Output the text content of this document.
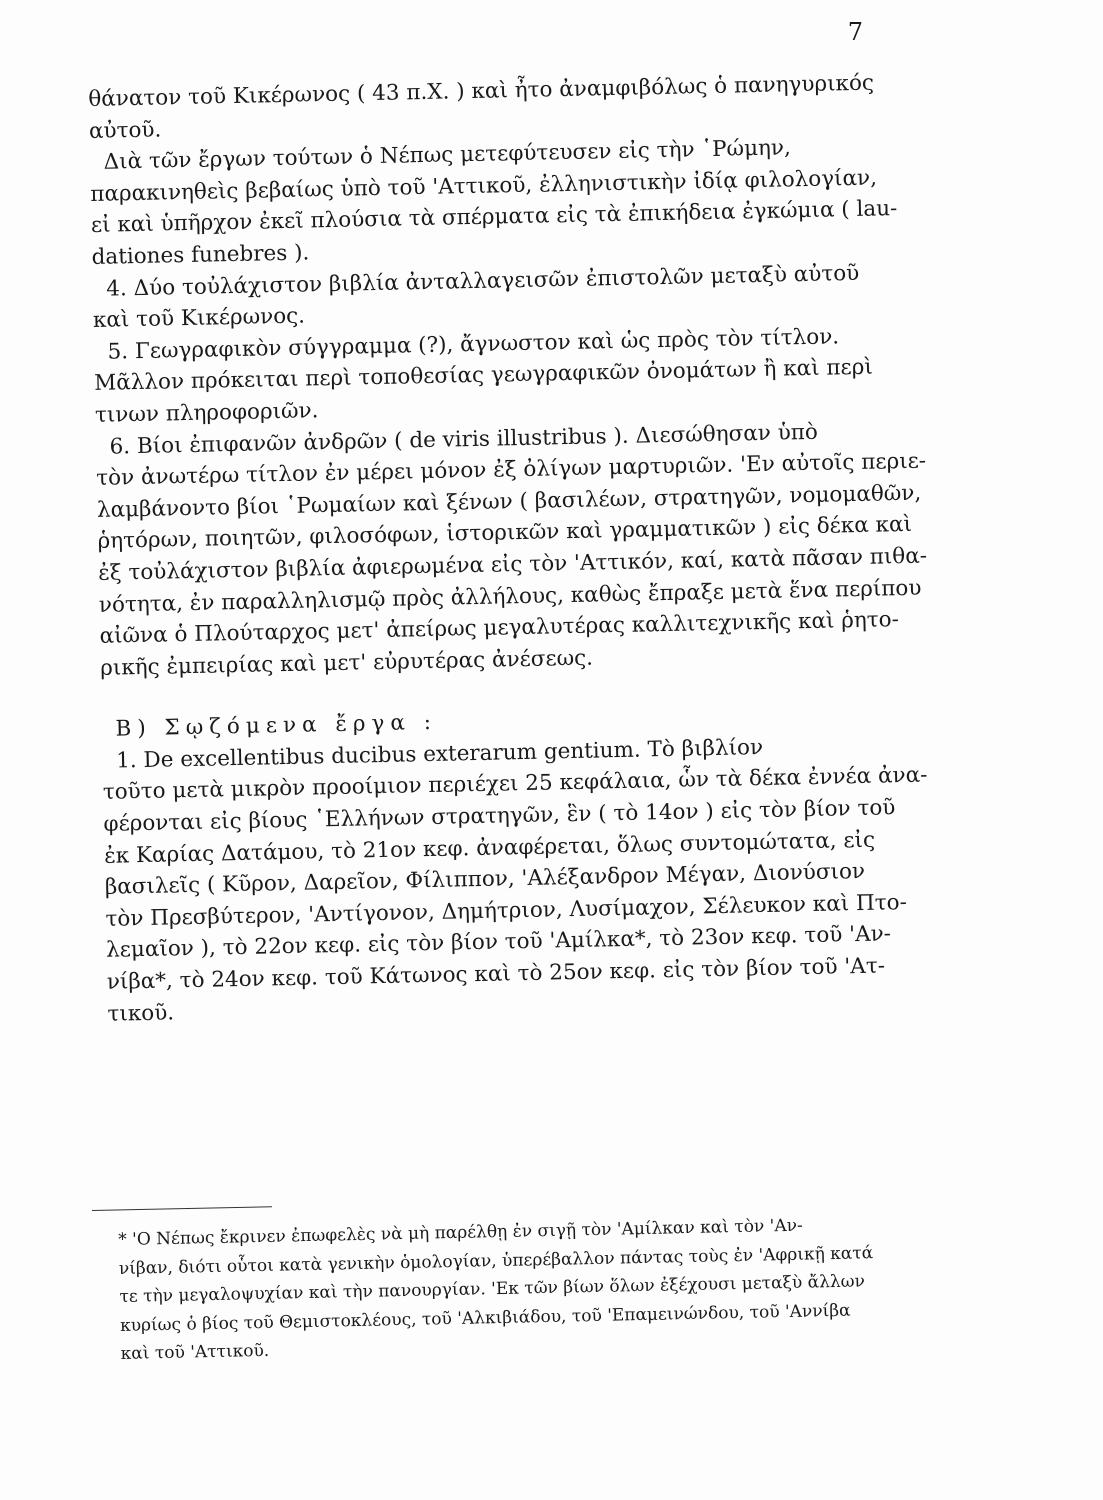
7
θάνατον τοῦ Κικέρωνος ( 43 π.Χ. ) καὶ ἦτο ἀναμφιβόλως ὁ πανηγυρικός
αὐτοῦ.
Διὰ τῶν ἔργων τούτων ὁ Νέπως μετεφύτευσεν εἰς τὴν ῾Ρώμην,
παρακινηθεὶς βεβαίως ὑπὸ τοῦ 'Αττικοῦ, ἐλληνιστικὴν ἰδίᾳ φιλολογίαν,
εἰ καὶ ὑπῆρχον ἐκεῖ πλούσια τὰ σπέρματα εἰς τὰ ἐπικήδεια ἐγκώμια ( lau-
dationes funebres ).
4. Δύο τοὐλάχιστον βιβλία ἀνταλλαγεισῶν ἐπιστολῶν μεταξὺ αὐτοῦ
καὶ τοῦ Κικέρωνος.
5. Γεωγραφικὸν σύγγραμμα (?), ἄγνωστον καὶ ὡς πρὸς τὸν τίτλον.
Μᾶλλον πρόκειται περὶ τοποθεσίας γεωγραφικῶν ὀνομάτων ἢ καὶ περὶ
τινων πληροφοριῶν.
6. Βίοι ἐπιφανῶν ἀνδρῶν ( de viris illustribus ). Διεσώθησαν ὑπὸ
τὸν ἀνωτέρω τίτλον ἐν μέρει μόνον ἐξ ὀλίγων μαρτυριῶν. 'Εν αὐτοῖς περιε-
λαμβάνοντο βίοι ῾Ρωμαίων καὶ ξένων ( βασιλέων, στρατηγῶν, νομομαθῶν,
ῥητόρων, ποιητῶν, φιλοσόφων, ἱστορικῶν καὶ γραμματικῶν ) εἰς δέκα καὶ
ἐξ τοὐλάχιστον βιβλία ἀφιερωμένα εἰς τὸν 'Αττικόν, καί, κατὰ πᾶσαν πιθα-
νότητα, ἐν παραλληλισμῷ πρὸς ἀλλήλους, καθὼς ἔπραξε μετὰ ἕνα περίπου
αἰῶνα ὁ Πλούταρχος μετ' ἀπείρως μεγαλυτέρας καλλιτεχνικῆς καὶ ῥητο-
ρικῆς ἐμπειρίας καὶ μετ' εὐρυτέρας ἀνέσεως.
Β) Σῳζόμενα ἔργα :
1. De excellentibus ducibus exterarum gentium. Τὸ βιβλίον
τοῦτο μετὰ μικρὸν προοίμιον περιέχει 25 κεφάλαια, ὧν τὰ δέκα ἐννέα ἀνα-
φέρονται εἰς βίους ῾Ελλήνων στρατηγῶν, ἓν ( τὸ 14ον ) εἰς τὸν βίον τοῦ
ἐκ Καρίας Δατάμου, τὸ 21ον κεφ. ἀναφέρεται, ὅλως συντομώτατα, εἰς
βασιλεῖς ( Κῦρον, Δαρεῖον, Φίλιππον, 'Αλέξανδρον Μέγαν, Διονύσιον
τὸν Πρεσβύτερον, 'Αντίγονον, Δημήτριον, Λυσίμαχον, Σέλευκον καὶ Πτο-
λεμαῖον ), τὸ 22ον κεφ. εἰς τὸν βίον τοῦ 'Αμίλκα*, τὸ 23ον κεφ. τοῦ 'Αν-
νίβα*, τὸ 24ον κεφ. τοῦ Κάτωνος καὶ τὸ 25ον κεφ. εἰς τὸν βίον τοῦ 'Ατ-
τικοῦ.
* 'Ο Νέπως ἔκρινεν ἐπωφελὲς νὰ μὴ παρέλθῃ ἐν σιγῇ τὸν 'Αμίλκαν καὶ τὸν 'Αν-
νίβαν, διότι οὗτοι κατὰ γενικὴν ὁμολογίαν, ὑπερέβαλλον πάντας τοὺς ἐν 'Αφρικῇ κατά
τε τὴν μεγαλοψυχίαν καὶ τὴν πανουργίαν. 'Εκ τῶν βίων ὅλων ἐξέχουσι μεταξὺ ἄλλων
κυρίως ὁ βίος τοῦ Θεμιστοκλέους, τοῦ 'Αλκιβιάδου, τοῦ 'Επαμεινώνδου, τοῦ 'Αννίβα
καὶ τοῦ 'Αττικοῦ.
